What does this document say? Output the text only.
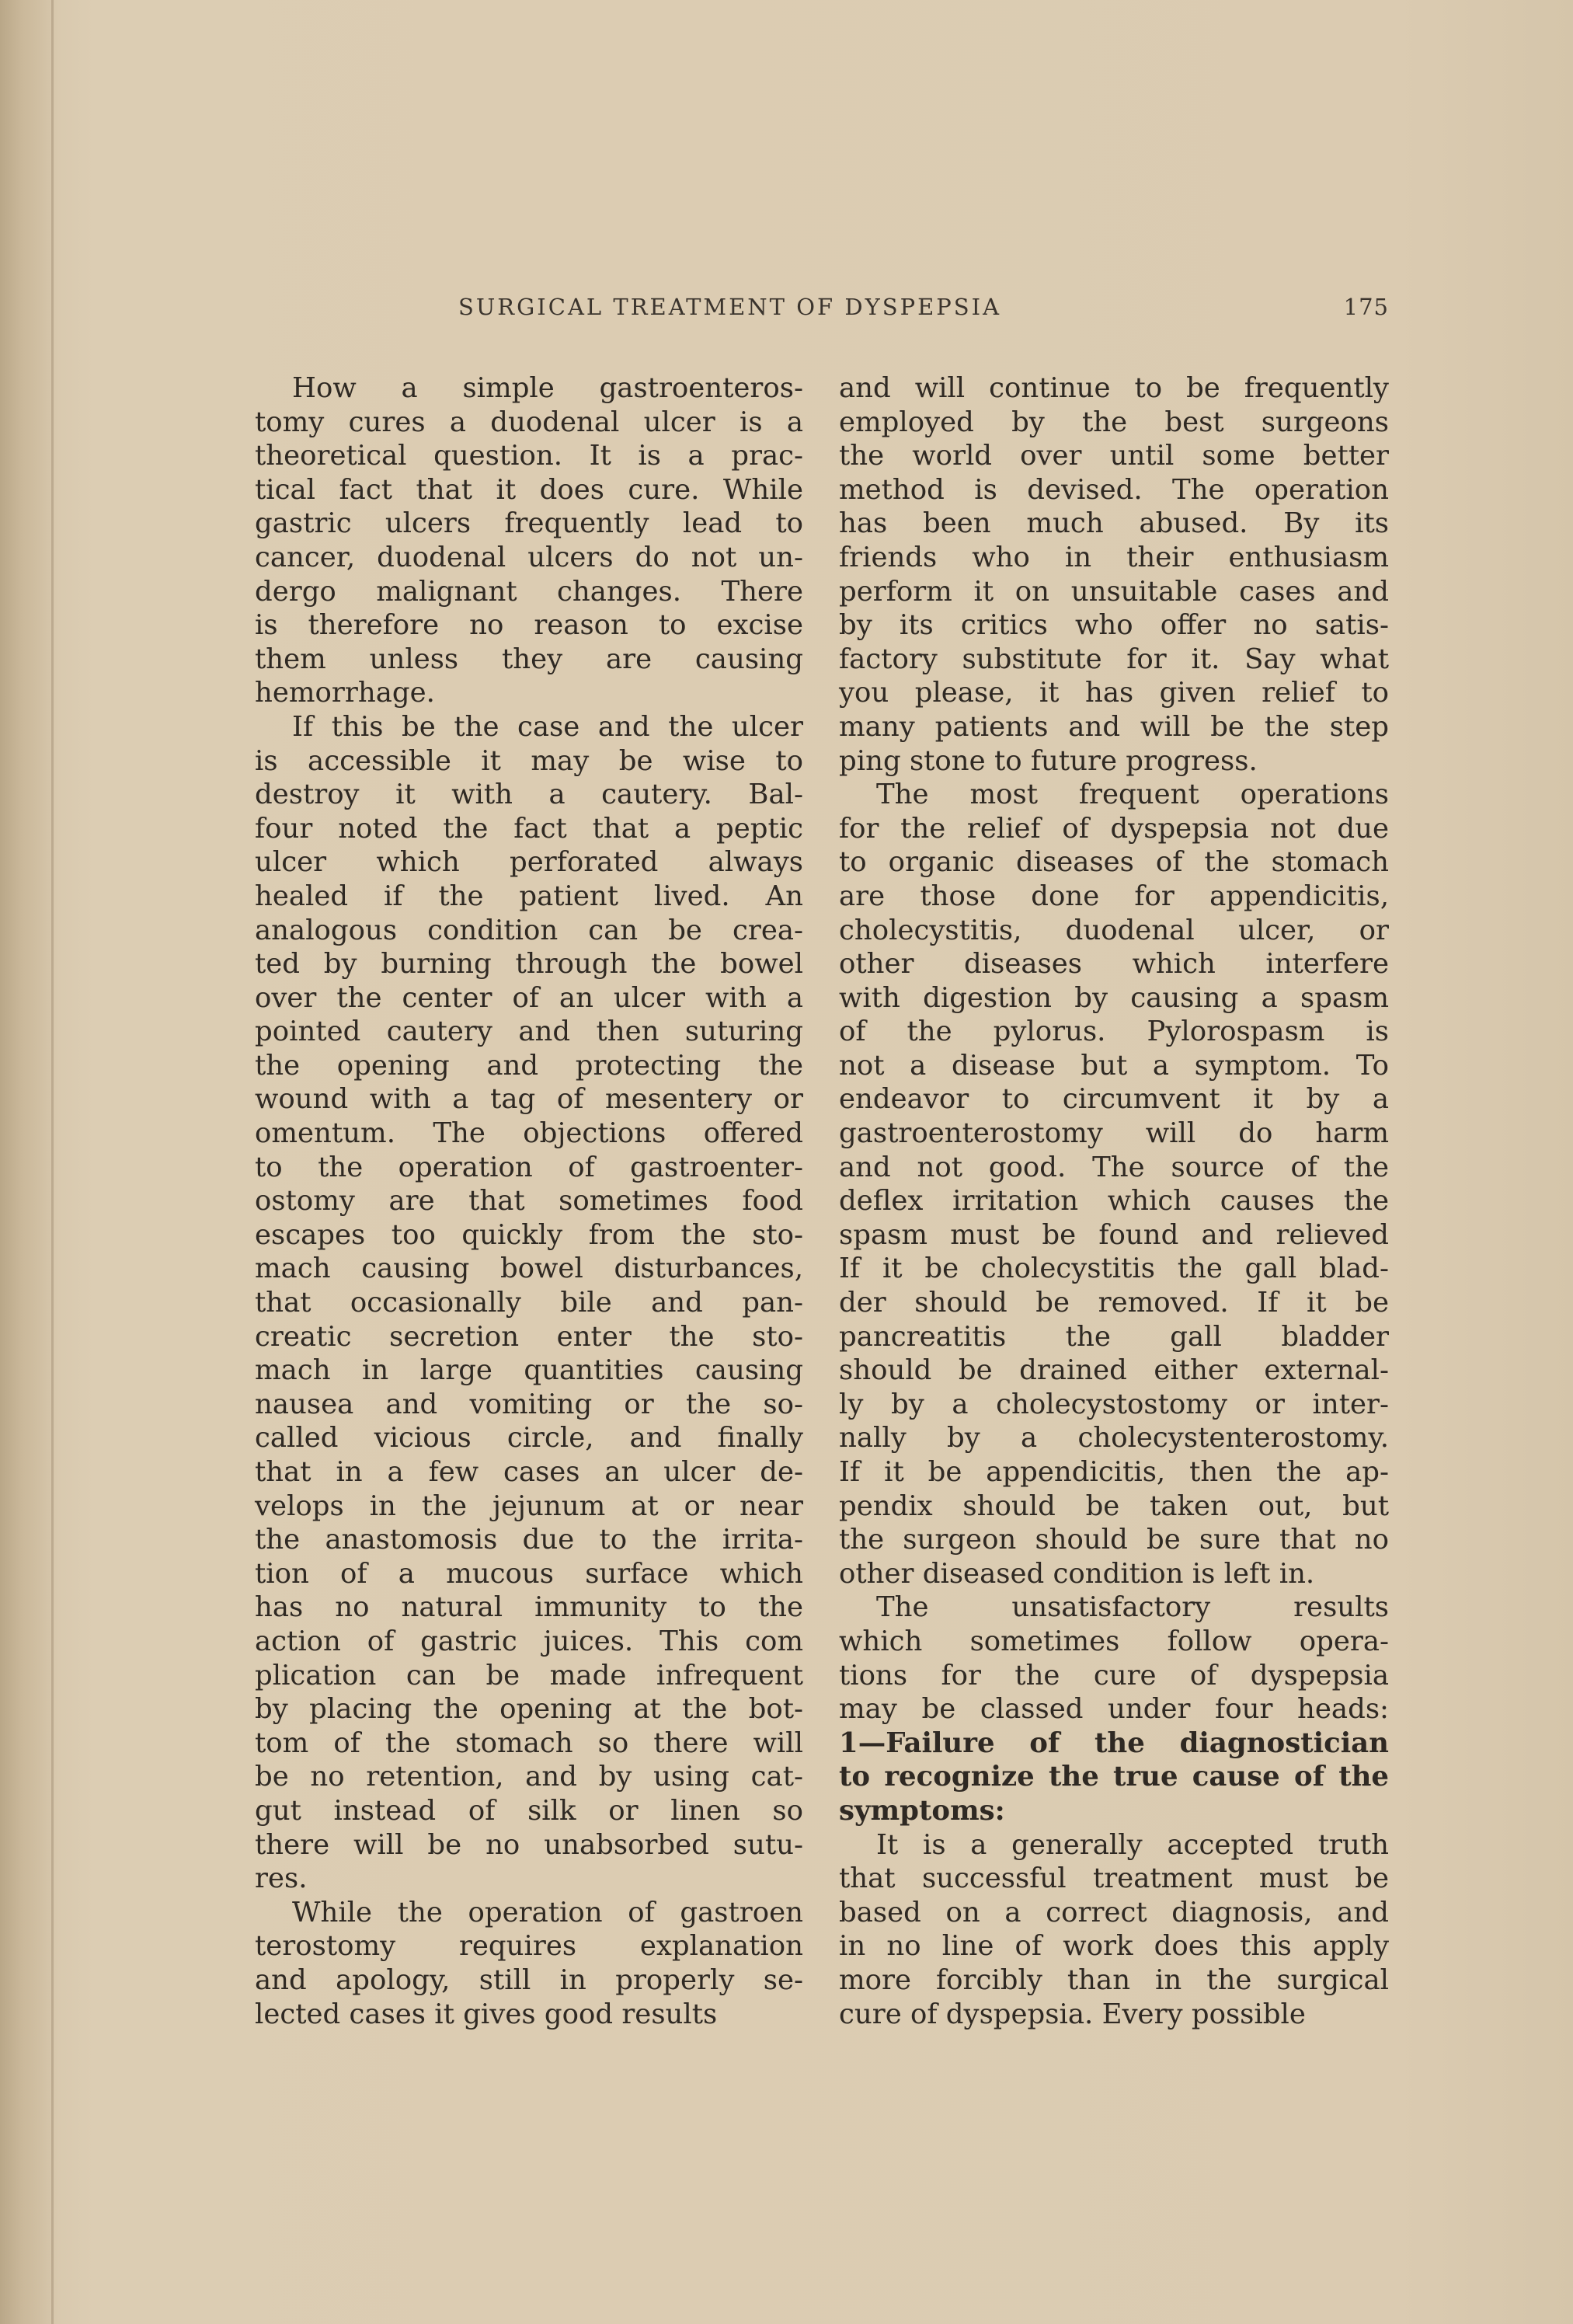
SURGICAL TREATMENT OF DYSPEPSIA	175
How a simple gastroenteros-
tomy cures a duodenal ulcer is a
theoretical question. It is a prac-
tical fact that it does cure. While
gastric ulcers frequently lead to
cancer, duodenal ulcers do not un-
dergo malignant changes. There
is therefore no reason to excise
them unless they are causing
hemorrhage.
If this be the case and the ulcer
is accessible it may be wise to
destroy it with a cautery. Bal-
four noted the fact that a peptic
ulcer which perforated always
healed if the patient lived. An
analogous condition can be crea-
ted by burning through the bowel
over the center of an ulcer with a
pointed cautery and then suturing
the opening and protecting the
wound with a tag of mesentery or
omentum. The objections offered
to the operation of gastroenter-
ostomy are that sometimes food
escapes too quickly from the sto-
mach causing bowel disturbances,
that occasionally bile and pan-
creatic secretion enter the sto-
mach in large quantities causing
nausea and vomiting or the so-
called vicious circle, and finally
that in a few cases an ulcer de-
velops in the jejunum at or near
the anastomosis due to the irrita-
tion of a mucous surface which
has no natural immunity to the
action of gastric juices. This com
plication can be made infrequent
by placing the opening at the bot-
tom of the stomach so there will
be no retention, and by using cat-
gut instead of silk or linen so
there will be no unabsorbed sutu-
res.
While the operation of gastroen
terostomy requires explanation
and apology, still in properly se-
lected cases it gives good results
and will continue to be frequently
employed by the best surgeons
the world over until some better
method is devised. The operation
has been much abused. By its
friends who in their enthusiasm
perform it on unsuitable cases and
by its critics who offer no satis-
factory substitute for it. Say what
you please, it has given relief to
many patients and will be the step
ping stone to future progress.
The most frequent operations
for the relief of dyspepsia not due
to organic diseases of the stomach
are those done for appendicitis,
cholecystitis, duodenal ulcer, or
other diseases which interfere
with digestion by causing a spasm
of the pylorus. Pylorospasm is
not a disease but a symptom. To
endeavor to circumvent it by a
gastroenterostomy will do harm
and not good. The source of the
deflex irritation which causes the
spasm must be found and relieved
If it be cholecystitis the gall blad-
der should be removed. If it be
pancreatitis the gall bladder
should be drained either external-
ly by a cholecystostomy or inter-
nally by a cholecystenterostomy.
If it be appendicitis, then the ap-
pendix should be taken out, but
the surgeon should be sure that no
other diseased condition is left in.
The unsatisfactory results
which sometimes follow opera-
tions for the cure of dyspepsia
may be classed under four heads:
1—Failure of the diagnostician
to recognize the true cause of the
symptoms:
It is a generally accepted truth
that successful treatment must be
based on a correct diagnosis, and
in no line of work does this apply
more forcibly than in the surgical
cure of dyspepsia. Every possible
